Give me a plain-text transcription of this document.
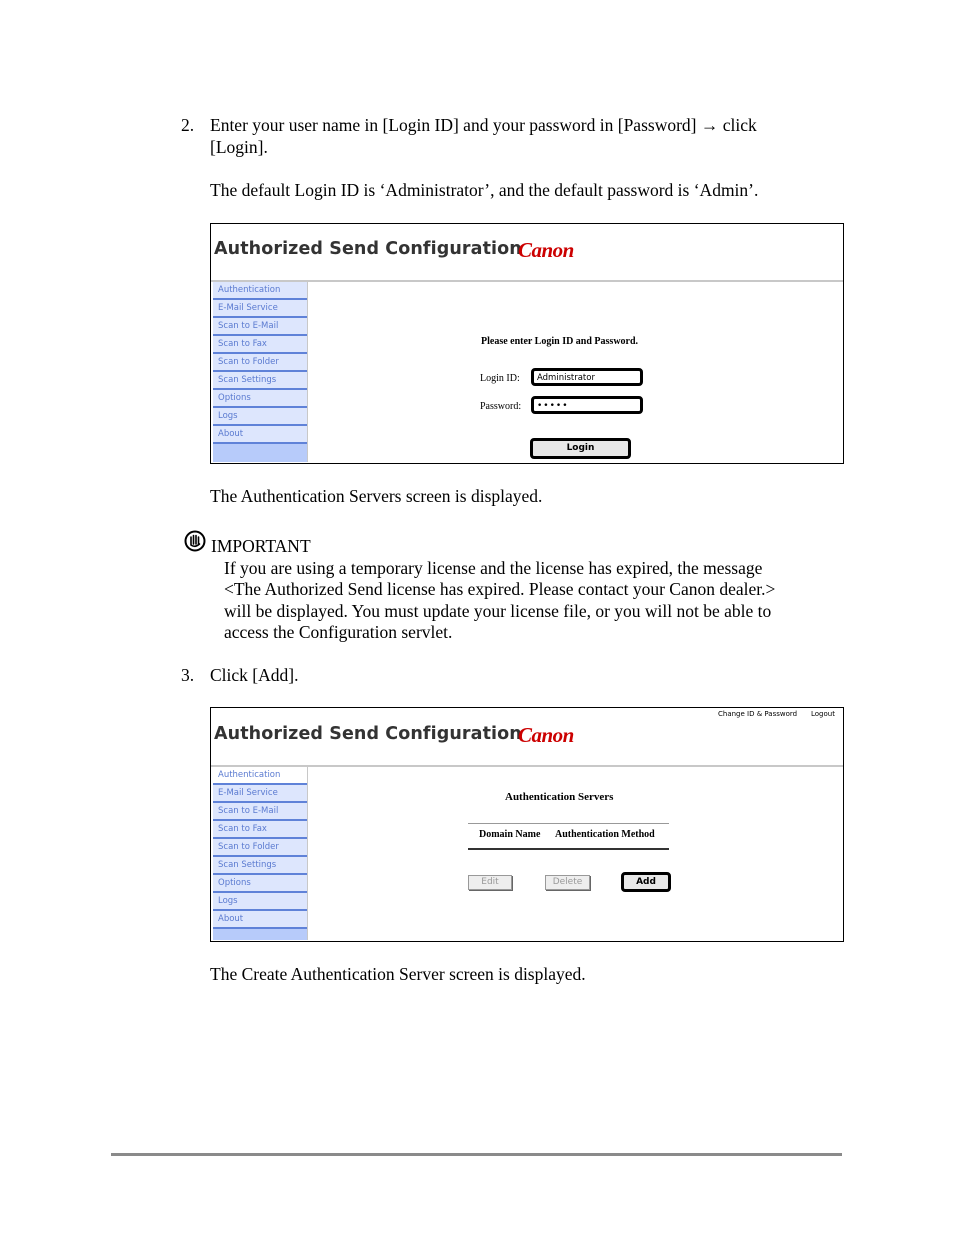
2. Enter your user name in [Login ID] and your password in [Password] → click
[Login].
The default Login ID is ‘Administrator’, and the default password is ‘Admin’.
Authorized Send Configuration
Canon
Authentication
E-Mail Service
Scan to E-Mail
Scan to Fax
Scan to Folder
Scan Settings
Options
Logs
About
Please enter Login ID and Password.
Login ID:	Administrator
Password:	•••••
Login
The Authentication Servers screen is displayed.
IMPORTANT
If you are using a temporary license and the license has expired, the message
<The Authorized Send license has expired. Please contact your Canon dealer.>
will be displayed. You must update your license file, or you will not be able to
access the Configuration servlet.
3. Click [Add].
Change ID & Password Logout
Authorized Send Configuration
Canon
Authentication
E-Mail Service
Scan to E-Mail
Scan to Fax
Scan to Folder
Scan Settings
Options
Logs
About
Authentication Servers
Domain Name Authentication Method
Edit	Delete	Add
The Create Authentication Server screen is displayed.
